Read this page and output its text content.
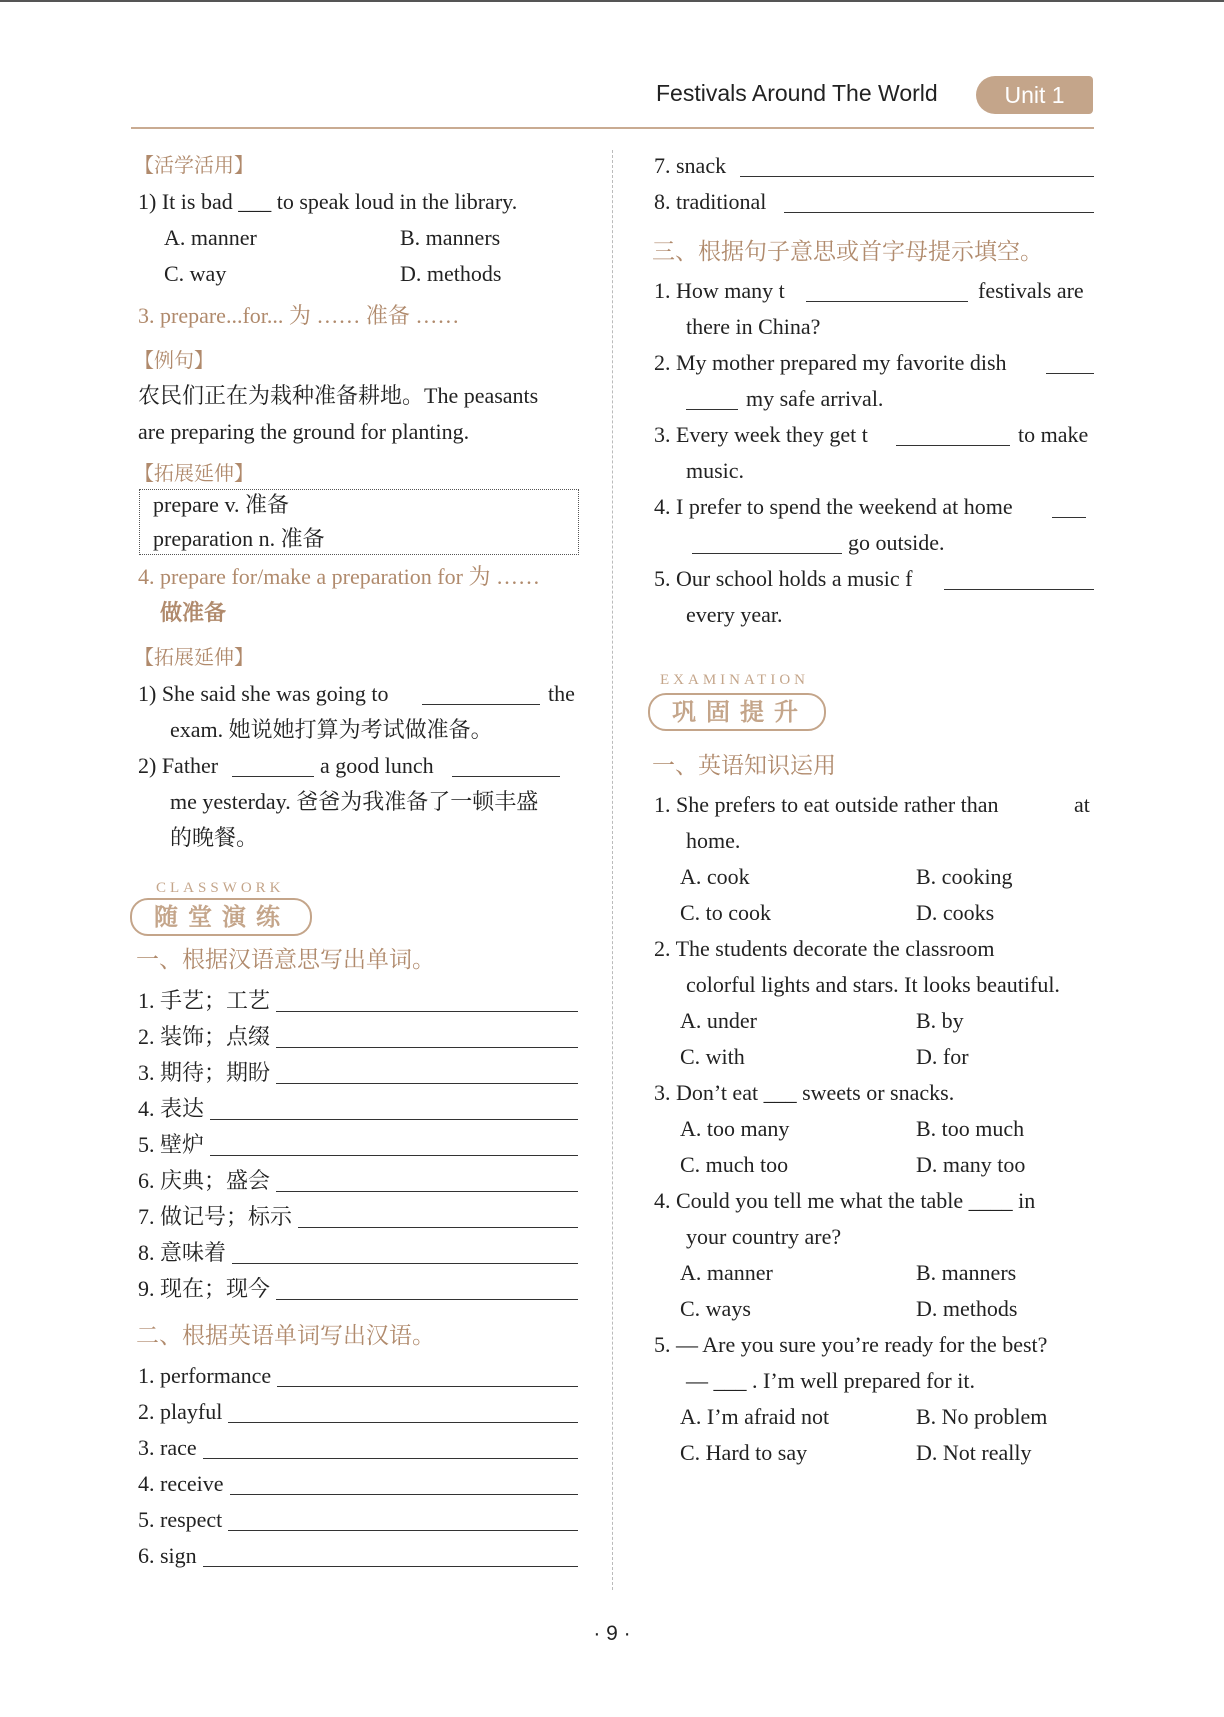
Festivals Around The World	Unit 1
【活学活用】
1) It is bad ___ to speak loud in the library.
A. manner	B. manners
C. way	D. methods
3. prepare...for... 为 …… 准备 ……
【例句】
农民们正在为栽种准备耕地。The peasants
are preparing the ground for planting.
【拓展延伸】
prepare v. 准备
preparation n. 准备
4. prepare for/make a preparation for 为 ……
做准备
【拓展延伸】
1) She said she was going to	the
exam. 她说她打算为考试做准备。
2) Father	a good lunch
me yesterday. 爸爸为我准备了一顿丰盛
的晚餐。
CLASSWORK
随堂演练
一、根据汉语意思写出单词。
1. 手艺；工艺
2. 装饰；点缀
3. 期待；期盼
4. 表达
5. 壁炉
6. 庆典；盛会
7. 做记号；标示
8. 意味着
9. 现在；现今
二、根据英语单词写出汉语。
1. performance
2. playful
3. race
4. receive
5. respect
6. sign
7. snack
8. traditional
三、根据句子意思或首字母提示填空。
1. How many t	festivals are
there in China?
2. My mother prepared my favorite dish
my safe arrival.
3. Every week they get t	to make
music.
4. I prefer to spend the weekend at home
go outside.
5. Our school holds a music f
every year.
EXAMINATION
巩固提升
一、英语知识运用
1. She prefers to eat outside rather than	at
home.
A. cook	B. cooking
C. to cook	D. cooks
2. The students decorate the classroom
colorful lights and stars. It looks beautiful.
A. under	B. by
C. with	D. for
3. Don’t eat ___ sweets or snacks.
A. too many	B. too much
C. much too	D. many too
4. Could you tell me what the table ____ in
your country are?
A. manner	B. manners
C. ways	D. methods
5. — Are you sure you’re ready for the best?
— ___ . I’m well prepared for it.
A. I’m afraid not	B. No problem
C. Hard to say	D. Not really
· 9 ·
